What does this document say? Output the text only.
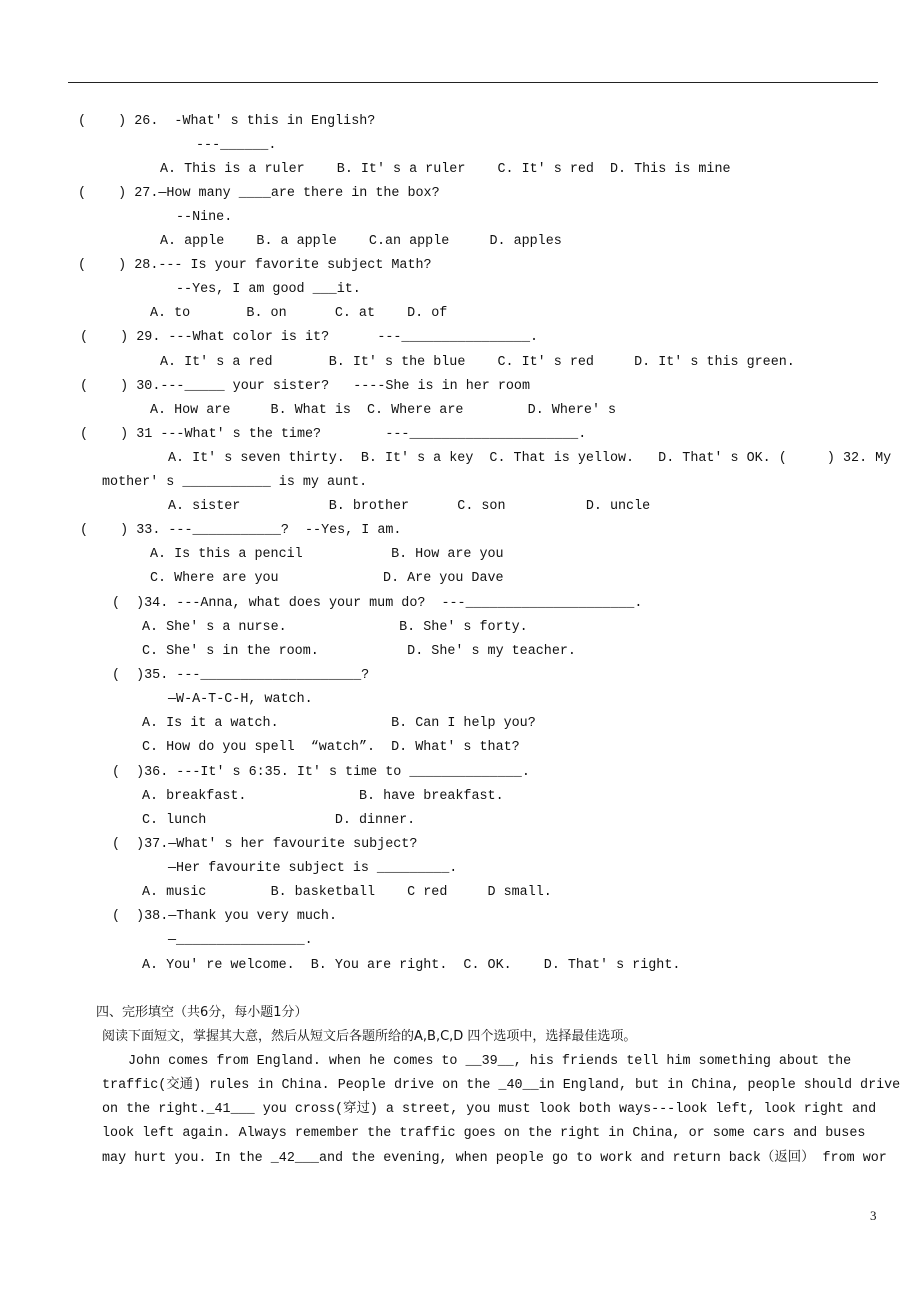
(    ) 26.  -What' s this in English?
---______.
A. This is a ruler    B. It' s a ruler    C. It' s red  D. This is mine
(    ) 27.—How many ____are there in the box?
--Nine.
A. apple    B. a apple    C.an apple     D. apples
(    ) 28.--- Is your favorite subject Math?
--Yes, I am good ___it.
A. to       B. on      C. at    D. of
(    ) 29. ---What color is it?      ---________________.
A. It' s a red       B. It' s the blue    C. It' s red     D. It' s this green.
(    ) 30.---_____ your sister?   ----She is in her room
A. How are     B. What is  C. Where are        D. Where' s
(    ) 31 ---What' s the time?        ---_____________________.
A. It' s seven thirty.  B. It' s a key  C. That is yellow.   D. That' s OK. (     ) 32. My
mother' s ___________ is my aunt.
A. sister           B. brother      C. son          D. uncle
(    ) 33. ---___________?  --Yes, I am.
A. Is this a pencil           B. How are you
C. Where are you             D. Are you Dave
(  )34. ---Anna, what does your mum do?  ---_____________________.
A. She' s a nurse.              B. She' s forty.
C. She' s in the room.           D. She' s my teacher.
(  )35. ---____________________?
—W-A-T-C-H, watch.
A. Is it a watch.              B. Can I help you?
C. How do you spell  “watch”.  D. What' s that?
(  )36. ---It' s 6:35. It' s time to ______________.
A. breakfast.              B. have breakfast.
C. lunch                D. dinner.
(  )37.—What' s her favourite subject?
—Her favourite subject is _________.
A. music        B. basketball    C red     D small.
(  )38.—Thank you very much.
—________________.
A. You' re welcome.  B. You are right.  C. OK.    D. That' s right.
四、完形填空（共6分，每小题1分）
阅读下面短文，掌握其大意，然后从短文后各题所给的A,B,C,D 四个选项中，选择最佳选项。
John comes from England. when he comes to __39__, his friends tell him something about the
traffic(交通) rules in China. People drive on the _40__in England, but in China, people should drive
on the right._41___ you cross(穿过) a street, you must look both ways---look left, look right and
look left again. Always remember the traffic goes on the right in China, or some cars and buses
may hurt you. In the _42___and the evening, when people go to work and return back（返回） from wor
3
